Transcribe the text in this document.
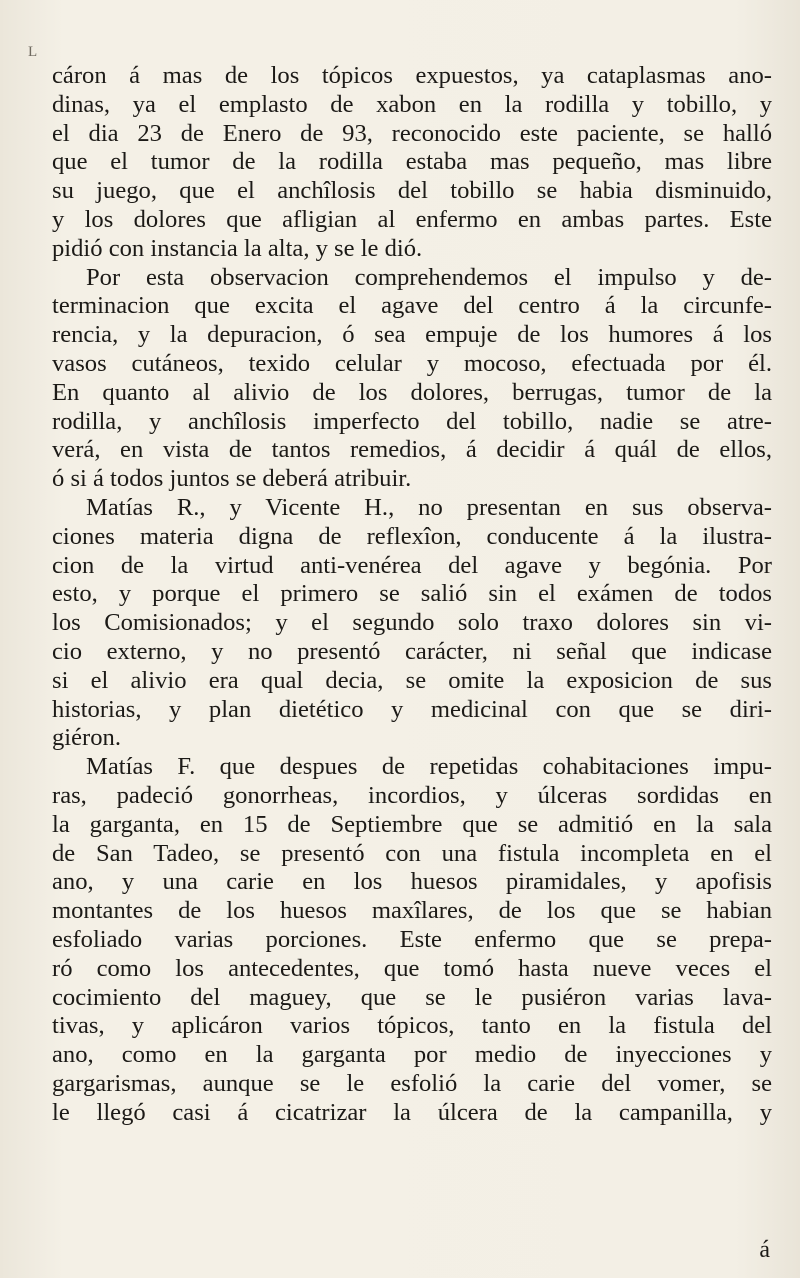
L
cáron á mas de los tópicos expuestos, ya cataplasmas ano-
dinas, ya el emplasto de xabon en la rodilla y tobillo, y
el dia 23 de Enero de 93, reconocido este paciente, se halló
que el tumor de la rodilla estaba mas pequeño, mas libre
su juego, que el anchîlosis del tobillo se habia disminuido,
y los dolores que afligian al enfermo en ambas partes. Este
pidió con instancia la alta, y se le dió.
Por esta observacion comprehendemos el impulso y de-
terminacion que excita el agave del centro á la circunfe-
rencia, y la depuracion, ó sea empuje de los humores á los
vasos cutáneos, texido celular y mocoso, efectuada por él.
En quanto al alivio de los dolores, berrugas, tumor de la
rodilla, y anchîlosis imperfecto del tobillo, nadie se atre-
verá, en vista de tantos remedios, á decidir á quál de ellos,
ó si á todos juntos se deberá atribuir.
Matías R., y Vicente H., no presentan en sus observa-
ciones materia digna de reflexîon, conducente á la ilustra-
cion de la virtud anti-venérea del agave y begónia. Por
esto, y porque el primero se salió sin el exámen de todos
los Comisionados; y el segundo solo traxo dolores sin vi-
cio externo, y no presentó carácter, ni señal que indicase
si el alivio era qual decia, se omite la exposicion de sus
historias, y plan dietético y medicinal con que se diri-
giéron.
Matías F. que despues de repetidas cohabitaciones impu-
ras, padeció gonorrheas, incordios, y úlceras sordidas en
la garganta, en 15 de Septiembre que se admitió en la sala
de San Tadeo, se presentó con una fistula incompleta en el
ano, y una carie en los huesos piramidales, y apofisis
montantes de los huesos maxîlares, de los que se habian
esfoliado varias porciones. Este enfermo que se prepa-
ró como los antecedentes, que tomó hasta nueve veces el
cocimiento del maguey, que se le pusiéron varias lava-
tivas, y aplicáron varios tópicos, tanto en la fistula del
ano, como en la garganta por medio de inyecciones y
gargarismas, aunque se le esfolió la carie del vomer, se
le llegó casi á cicatrizar la úlcera de la campanilla, y
á
